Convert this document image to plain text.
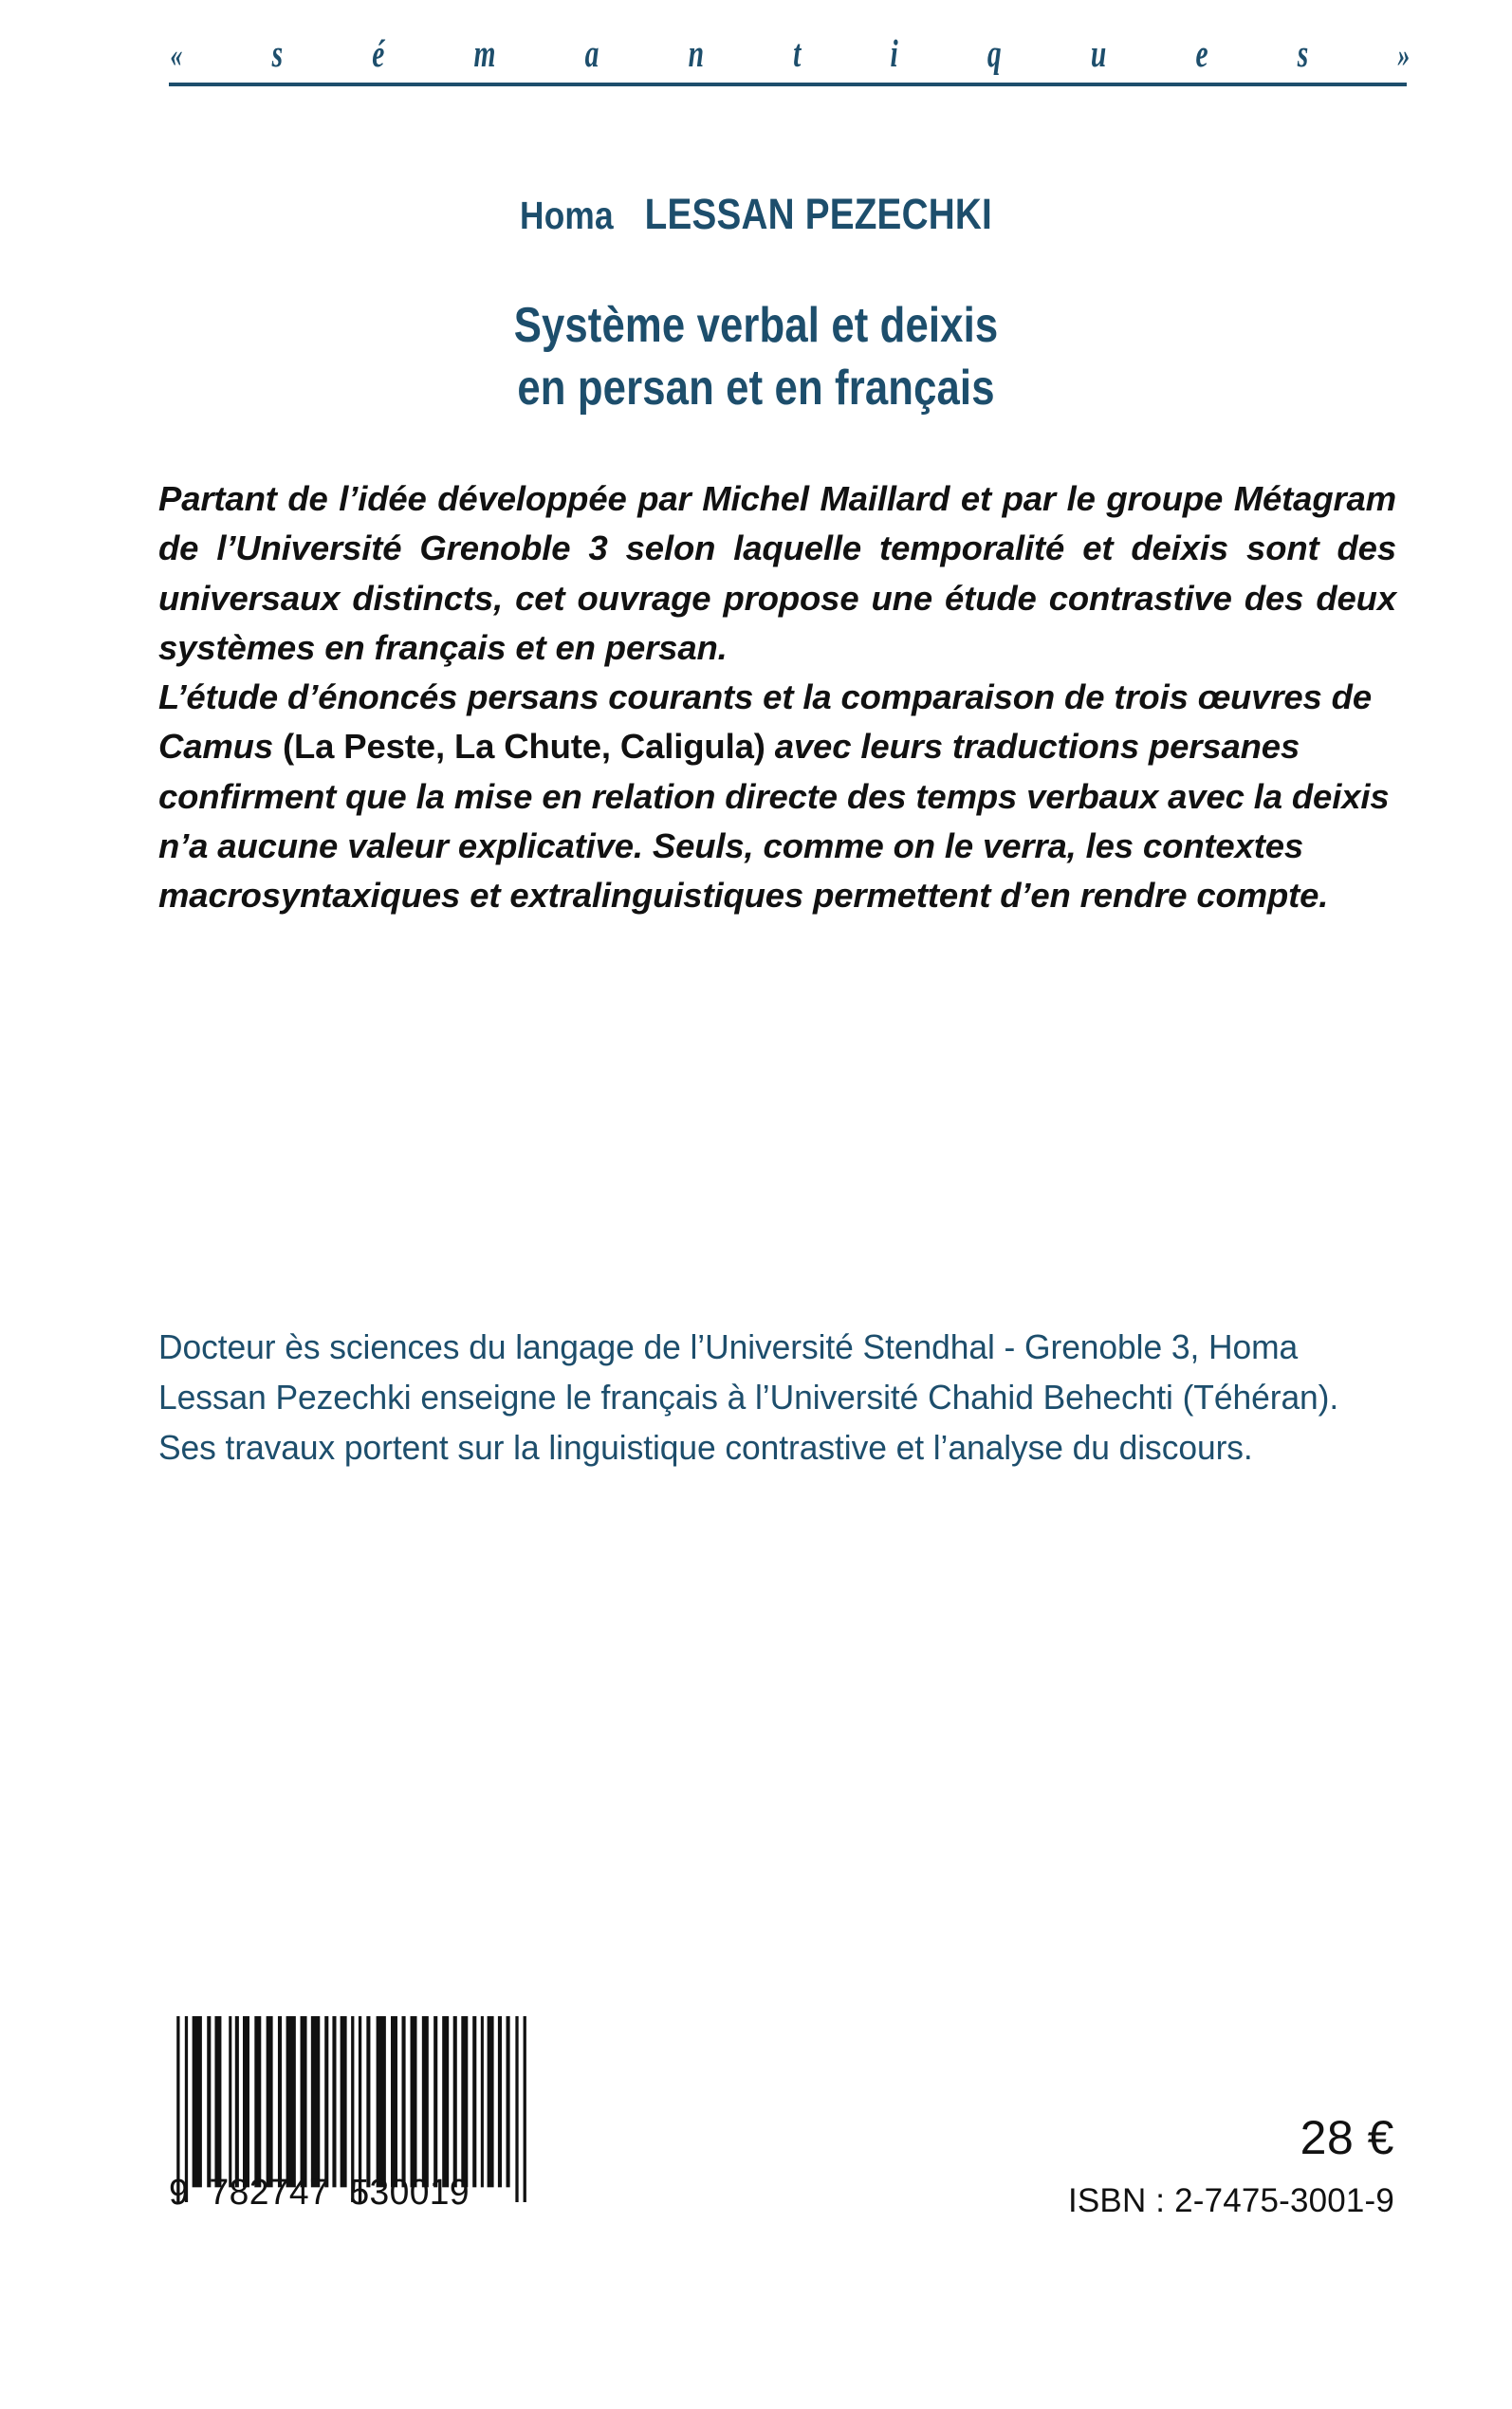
« s é m a n t i q u e s	»
Homa LESSAN PEZECHKI
Système verbal et deixis
en persan et en français

Partant de l’idée développée par Michel Maillard et par le groupe Métagram de l’Université Grenoble 3 selon laquelle temporalité et deixis sont des universaux distincts, cet ouvrage propose une étude contrastive des deux systèmes en français et en persan.

L’étude d’énoncés persans courants et la comparaison de trois œuvres de Camus (La Peste, La Chute, Caligula) avec leurs traductions persanes confirment que la mise en relation directe des temps verbaux avec la deixis n’a aucune valeur explicative. Seuls, comme on le verra, les contextes macrosyntaxiques et extralinguistiques permettent d’en rendre compte.

Docteur ès sciences du langage de l’Université Stendhal - Grenoble 3, Homa Lessan Pezechki enseigne le français à l’Université Chahid Behechti (Téhéran). Ses travaux portent sur la linguistique contrastive et l’analyse du discours.

9  782747  530019
28 €
ISBN : 2-7475-3001-9
